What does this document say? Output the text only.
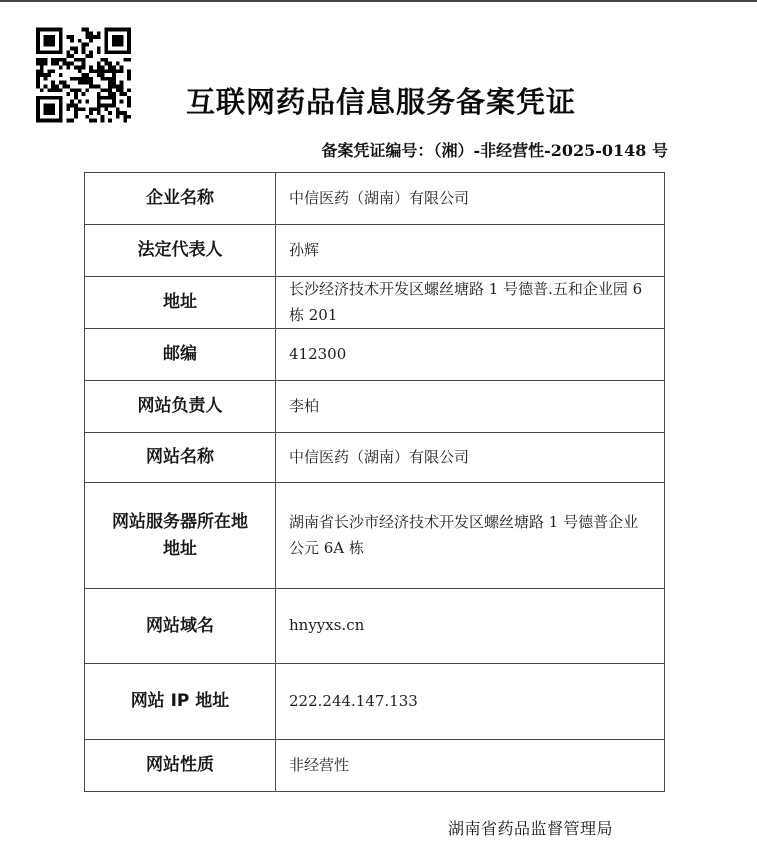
互联网药品信息服务备案凭证
备案凭证编号：（湘）-非经营性-2025-0148 号
企业名称	中信医药（湖南）有限公司
法定代表人	孙辉
地址	长沙经济技术开发区螺丝塘路 1 号德普.五和企业园 6 栋 201
邮编	412300
网站负责人	李柏
网站名称	中信医药（湖南）有限公司
网站服务器所在地地址	湖南省长沙市经济技术开发区螺丝塘路 1 号德普企业公元 6A 栋
网站域名	hnyyxs.cn
网站 IP 地址	222.244.147.133
网站性质	非经营性
湖南省药品监督管理局
